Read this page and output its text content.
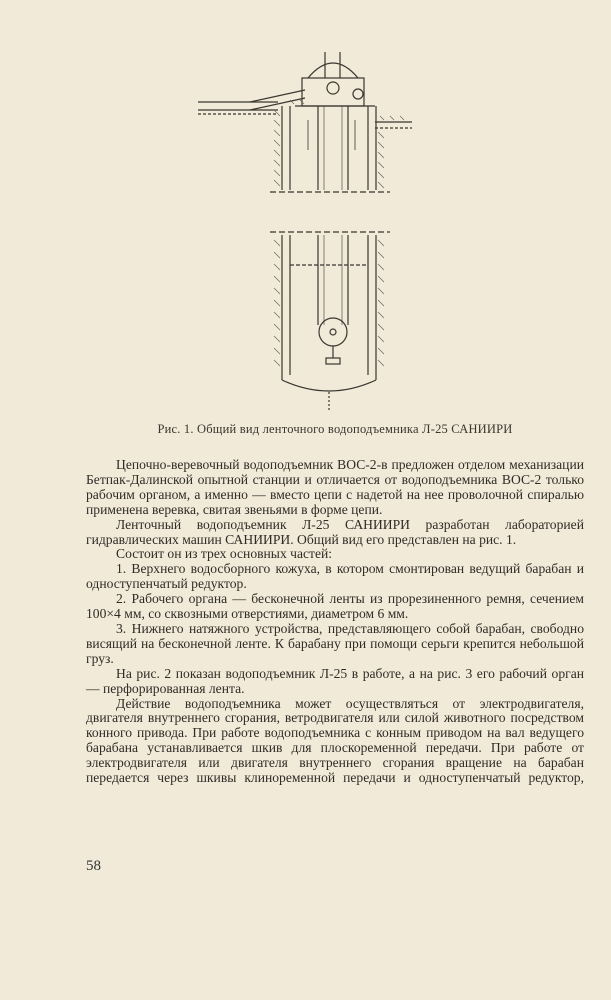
Рис. 1. Общий вид ленточного водоподъемника Л-25 САНИИРИ

Цепочно-веревочный водоподъемник ВОС-2-в предложен отделом механизации Бетпак-Далинской опытной станции и отличается от водоподъемника ВОС-2 только рабочим органом, а именно — вместо цепи с надетой на нее проволочной спиралью применена веревка, свитая звеньями в форме цепи.

Ленточный водоподъемник Л-25 САНИИРИ разработан лабораторией гидравлических машин САНИИРИ. Общий вид его представлен на рис. 1.

Состоит он из трех основных частей:

1. Верхнего водосборного кожуха, в котором смонтирован ведущий барабан и одноступенчатый редуктор.

2. Рабочего органа — бесконечной ленты из прорезиненного ремня, сечением 100×4 мм, со сквозными отверстиями, диаметром 6 мм.

3. Нижнего натяжного устройства, представляющего собой барабан, свободно висящий на бесконечной ленте. К барабану при помощи серьги крепится небольшой груз.

На рис. 2 показан водоподъемник Л-25 в работе, а на рис. 3 его рабочий орган — перфорированная лента.

Действие водоподъемника может осуществляться от электродвигателя, двигателя внутреннего сгорания, ветродвигателя или силой животного посредством конного привода. При работе водоподъемника с конным приводом на вал ведущего барабана устанавливается шкив для плоскоременной передачи. При работе от электродвигателя или двигателя внутреннего сгорания вращение на барабан передается через шкивы клиноременной передачи и одноступенчатый редуктор,

58
